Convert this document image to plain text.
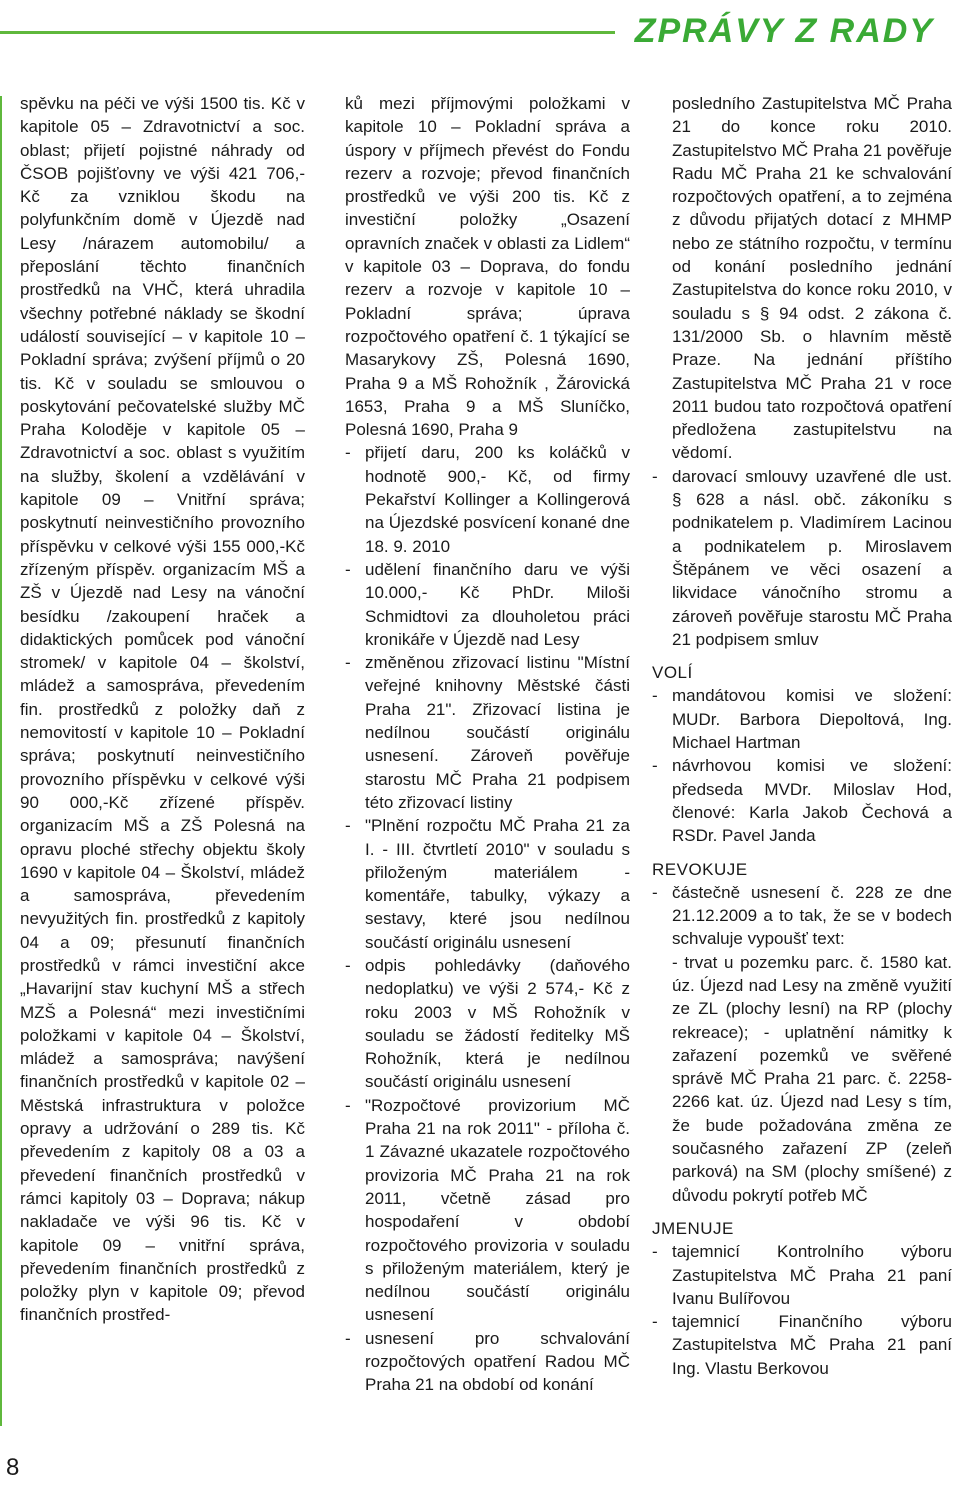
ZPRÁVY Z RADY
8

spěvku na péči ve výši 1500 tis. Kč v kapitole 05 – Zdravotnictví a soc. oblast; přijetí pojistné náhrady od ČSOB pojišťovny ve výši 421 706,- Kč za vzniklou škodu na polyfunkčním domě v Újezdě nad Lesy /nárazem automobilu/ a přeposlání těchto finančních prostředků na VHČ, která uhradila všechny potřebné náklady se škodní událostí související – v kapitole 10 – Pokladní správa; zvýšení příjmů o 20 tis. Kč v souladu se smlouvou o poskytování pečovatelské služby MČ Praha Koloděje v kapitole 05 – Zdravotnictví a soc. oblast s využitím na služby, školení a vzdělávání v kapitole 09 – Vnitřní správa; poskytnutí neinvestičního provozního příspěvku v celkové výši 155 000,-Kč zřízeným příspěv. organizacím MŠ a ZŠ v Újezdě nad Lesy na vánoční besídku /zakoupení hraček a didaktických pomůcek pod vánoční stromek/ v kapitole 04 – školství, mládež a samospráva, převedením fin. prostředků z položky daň z nemovitostí v kapitole 10 – Pokladní správa; poskytnutí neinvestičního provozního příspěvku v celkové výši 90 000,-Kč zřízené příspěv. organizacím MŠ a ZŠ Polesná na opravu ploché střechy objektu školy 1690 v kapitole 04 – Školství, mládež a samospráva, převedením nevyužitých fin. prostředků z kapitoly 04 a 09; přesunutí finančních prostředků v rámci investiční akce „Havarijní stav kuchyní MŠ a střech MZŠ a Polesná“ mezi investičními položkami v kapitole 04 – Školství, mládež a samospráva; navýšení finančních prostředků v kapitole 02 – Městská infrastruktura v položce opravy a udržování o 289 tis. Kč převedením z kapitoly 08 a 03 a převedení finančních prostředků v rámci kapitoly 03 – Doprava; nákup nakladače ve výši 96 tis. Kč v kapitole 09 – vnitřní správa, převedením finančních prostředků z položky plyn v kapitole 09; převod finančních prostřed-

ků mezi příjmovými položkami v kapitole 10 – Pokladní správa a úspory v příjmech převést do Fondu rezerv a rozvoje; převod finančních prostředků ve výši 200 tis. Kč z investiční položky „Osazení opravních značek v oblasti za Lidlem“ v kapitole 03 – Doprava, do fondu rezerv a rozvoje v kapitole 10 – Pokladní správa; úprava rozpočtového opatření č. 1 týkající se Masarykovy ZŠ, Polesná 1690, Praha 9 a MŠ Rohožník , Žárovická 1653, Praha 9 a MŠ Sluníčko, Polesná 1690, Praha 9

- přijetí daru, 200 ks koláčků v hodnotě 900,- Kč, od firmy Pekařství Kollinger a Kollingerová na Újezdské posvícení konané dne 18. 9. 2010
- udělení finančního daru ve výši 10.000,- Kč PhDr. Miloši Schmidtovi za dlouholetou práci kronikáře v Újezdě nad Lesy
- změněnou zřizovací listinu "Místní veřejné knihovny Městské části Praha 21". Zřizovací listina je nedílnou součástí originálu usnesení. Zároveň pověřuje starostu MČ Praha 21 podpisem této zřizovací listiny
- "Plnění rozpočtu MČ Praha 21 za I. - III. čtvrtletí 2010" v souladu s přiloženým materiálem - komentáře, tabulky, výkazy a sestavy, které jsou nedílnou součástí originálu usnesení
- odpis pohledávky (daňového nedoplatku) ve výši 2 574,- Kč z roku 2003 v MŠ Rohožník v souladu se žádostí ředitelky MŠ Rohožník, která je nedílnou součástí originálu usnesení
- "Rozpočtové provizorium MČ Praha 21 na rok 2011" - příloha č. 1 Závazné ukazatele rozpočtového provizoria MČ Praha 21 na rok 2011, včetně zásad pro hospodaření v období rozpočtového provizoria v souladu s přiloženým materiálem, který je nedílnou součástí originálu usnesení
- usnesení pro schvalování rozpočtových opatření Radou MČ Praha 21 na období od konání

posledního Zastupitelstva MČ Praha 21 do konce roku 2010. Zastupitelstvo MČ Praha 21 pověřuje Radu MČ Praha 21 ke schvalování rozpočtových opatření, a to zejména z důvodu přijatých dotací z MHMP nebo ze státního rozpočtu, v termínu od konání posledního jednání Zastupitelstva do konce roku 2010, v souladu s § 94 odst. 2 zákona č. 131/2000 Sb. o hlavním městě Praze. Na jednání příštího Zastupitelstva MČ Praha 21 v roce 2011 budou tato rozpočtová opatření předložena zastupitelstvu na vědomí.

- darovací smlouvy uzavřené dle ust. § 628 a násl. obč. zákoníku s podnikatelem p. Vladimírem Lacinou a podnikatelem p. Miroslavem Štěpánem ve věci osazení a likvidace vánočního stromu a zároveň pověřuje starostu MČ Praha 21 podpisem smluv

VOLÍ

- mandátovou komisi ve složení: MUDr. Barbora Diepoltová, Ing. Michael Hartman
- návrhovou komisi ve složení: předseda MVDr. Miloslav Hod, členové: Karla Jakob Čechová a RSDr. Pavel Janda

REVOKUJE

- částečně usnesení č. 228 ze dne 21.12.2009 a to tak, že se v bodech schvaluje vypoušť text:

- trvat u pozemku parc. č. 1580 kat. úz. Újezd nad Lesy na změně využití ze ZL (plochy lesní) na RP (plochy rekreace); - uplatnění námitky k zařazení pozemků ve svěřené správě MČ Praha 21 parc. č. 2258-2266 kat. úz. Újezd nad Lesy s tím, že bude požadována změna ze současného zařazení ZP (zeleň parková) na SM (plochy smíšené) z důvodu pokrytí potřeb MČ

JMENUJE

- tajemnicí Kontrolního výboru Zastupitelstva MČ Praha 21 paní Ivanu Bulířovou
- tajemnicí Finančního výboru Zastupitelstva MČ Praha 21 paní Ing. Vlastu Berkovou
